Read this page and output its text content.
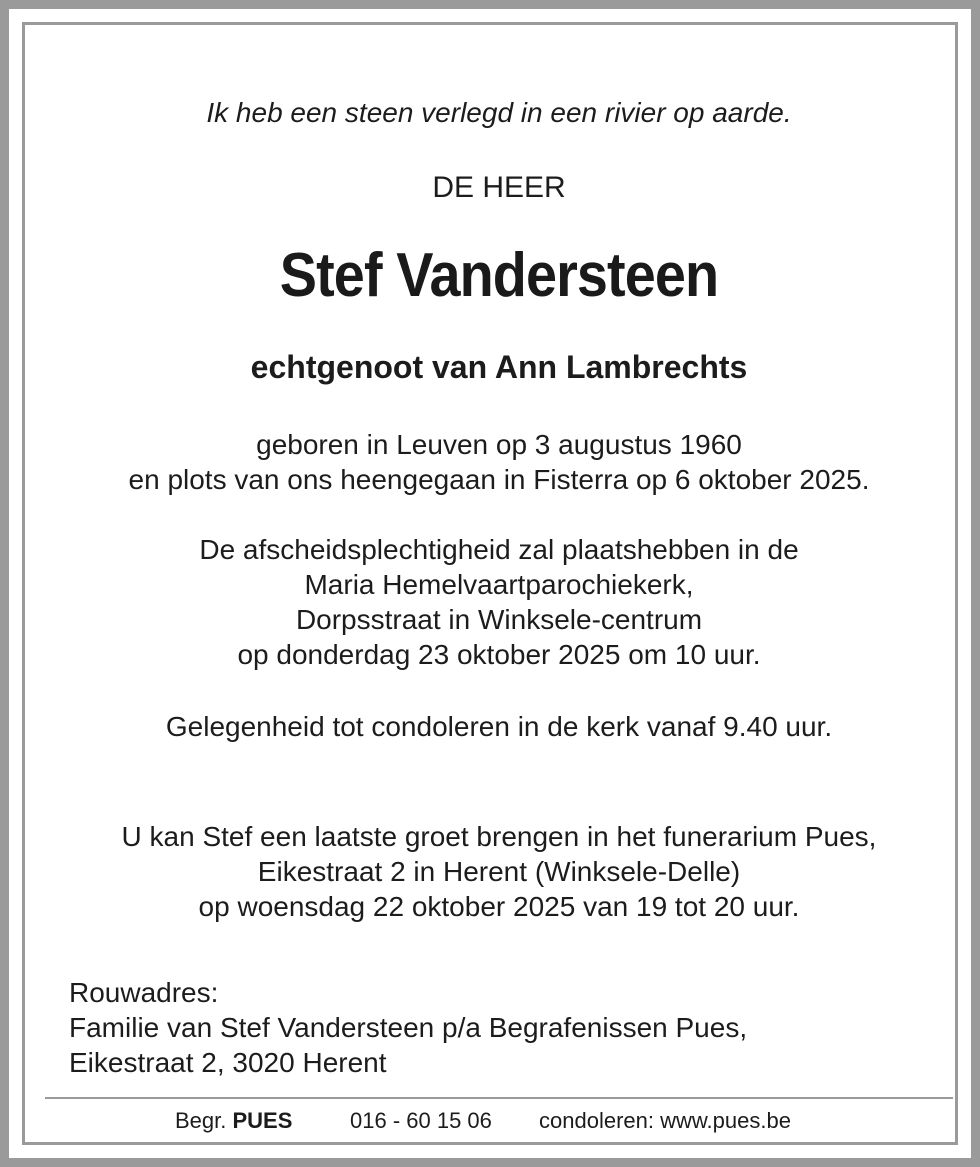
Ik heb een steen verlegd in een rivier op aarde.
DE HEER
Stef Vandersteen
echtgenoot van Ann Lambrechts
geboren in Leuven op 3 augustus 1960
en plots van ons heengegaan in Fisterra op 6 oktober 2025.
De afscheidsplechtigheid zal plaatshebben in de
Maria Hemelvaartparochiekerk,
Dorpsstraat in Winksele-centrum
op donderdag 23 oktober 2025 om 10 uur.
Gelegenheid tot condoleren in de kerk vanaf 9.40 uur.
U kan Stef een laatste groet brengen in het funerarium Pues,
Eikestraat 2 in Herent (Winksele-Delle)
op woensdag 22 oktober 2025 van 19 tot 20 uur.
Rouwadres:
Familie van Stef Vandersteen p/a Begrafenissen Pues,
Eikestraat 2, 3020 Herent
Begr. PUES	016 - 60 15 06 condoleren: www.pues.be
